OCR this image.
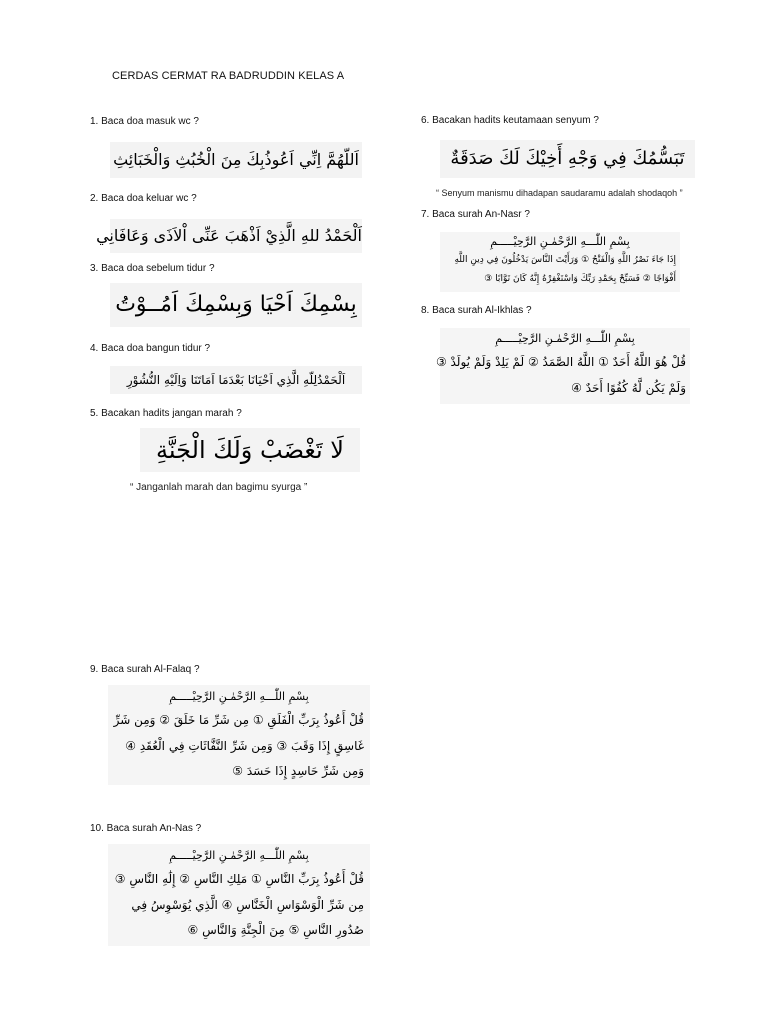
CERDAS CERMAT RA BADRUDDIN KELAS A
1. Baca doa masuk wc ?
اَللّهُمَّ اِنِّي اَعُوذُبِكَ مِنَ الْخُبُثِ وَالْخَبَائِثِ
2. Baca doa keluar wc ?
اَلْحَمْدُ للهِ الَّذِيْ اَذْهَبَ عَنِّى اْلاَذَى وَعَافَانِي
3. Baca doa sebelum tidur ?
بِسْمِكَ اَحْيَا وَبِسْمِكَ اَمُــوْتُ
4. Baca doa bangun tidur ?
اَلْحَمْدُلِلّهِ الَّذِي اَحْيَانَا بَعْدَمَا اَمَاتَنَا وَاِلَيْهِ النُّشُوْرِ
5. Bacakan hadits jangan marah ?
لَا تَغْضَبْ وَلَكَ الْجَنَّةِ
“ Janganlah marah dan bagimu syurga ”
6. Bacakan hadits keutamaan senyum ?
تَبَسُّمُكَ فِي وَجْهِ أَخِيْكَ لَكَ صَدَقَةٌ
“ Senyum manismu dihadapan saudaramu adalah shodaqoh ”
7. Baca surah An-Nasr ?
بِسْمِ اللّٰـــهِ الرَّحْمٰـنِ الرَّحِيْـــــمِ
إِذَا جَاءَ نَصْرُ اللَّهِ وَالْفَتْحُ ① وَرَأَيْتَ النَّاسَ يَدْخُلُونَ فِي دِينِ اللَّهِ
أَفْوَاجًا ② فَسَبِّحْ بِحَمْدِ رَبِّكَ وَاسْتَغْفِرْهُ إِنَّهُ كَانَ تَوَّابًا ③
8. Baca surah Al-Ikhlas ?
بِسْمِ اللّٰـــهِ الرَّحْمٰـنِ الرَّحِيْـــــمِ
قُلْ هُوَ اللَّهُ أَحَدٌ ① اللَّهُ الصَّمَدُ ② لَمْ يَلِدْ وَلَمْ يُولَدْ ③
وَلَمْ يَكُن لَّهُ كُفُوًا أَحَدٌ ④
9. Baca surah Al-Falaq ?
بِسْمِ اللّٰـــهِ الرَّحْمٰـنِ الرَّحِيْـــــمِ
قُلْ أَعُوذُ بِرَبِّ الْفَلَقِ ① مِن شَرِّ مَا خَلَقَ ② وَمِن شَرِّ
غَاسِقٍ إِذَا وَقَبَ ③ وَمِن شَرِّ النَّفَّاثَاتِ فِي الْعُقَدِ ④
وَمِن شَرِّ حَاسِدٍ إِذَا حَسَدَ ⑤
10. Baca surah An-Nas ?
بِسْمِ اللّٰـــهِ الرَّحْمٰـنِ الرَّحِيْـــــمِ
قُلْ أَعُوذُ بِرَبِّ النَّاسِ ① مَلِكِ النَّاسِ ② إِلَٰهِ النَّاسِ ③
مِن شَرِّ الْوَسْوَاسِ الْخَنَّاسِ ④ الَّذِي يُوَسْوِسُ فِي
صُدُورِ النَّاسِ ⑤ مِنَ الْجِنَّةِ وَالنَّاسِ ⑥
